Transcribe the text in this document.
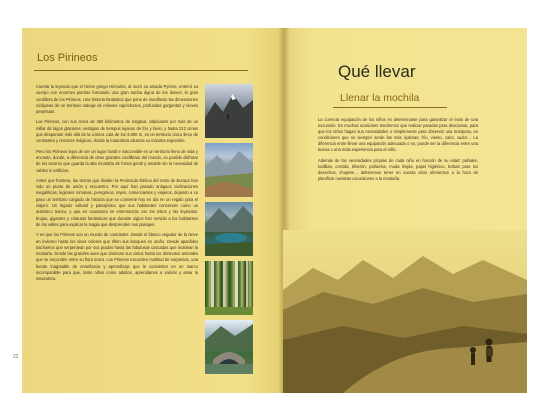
Los Pirineos

Cuenta la leyenda que el héroe griego Hércules, al morir su amada Pyrene, enterró su cuerpo con enormes piedras formando una gran tumba digna de los dioses: la gran cordillera de los Pirineos. Una historia fantástica que pone de manifiesto las dimensiones ciclópeas de un territorio salvaje de relieves caprichosos, profundas gargantas y nieves perpetuas.

Los Pirineos, con sus cerca de 450 kilómetros de longitud, salpicados por más de un millar de lagos glaciares, vestigios de tiempos lejanos de frío y hielo, y hasta 212 cimas que despuntan más allá de la icónica cota de los 3.000 m, es un territorio único lleno de contrastes y rincones mágicos, donde la naturaleza alcanza su máxima expresión.

Pero los Pirineos lejos de ser un lugar hostil e inaccesible es un territorio lleno de vida y encanto, donde, a diferencia de otras grandes cordilleras del mundo, es posible disfrutar de los tesoros que guarda la alta montaña de forma gentil y amable sin la necesidad de cables ni artificios.

Antes que frontera, las tierras que dividen la Península Ibérica del resto de Europa han sido un punto de unión y encuentro. Por aquí han pasado antiguos civilizaciones megalíticas, legiones romanas, peregrinos, reyes, comerciantes y viajeros, dejando a su paso un territorio cargado de historia que se convierte hoy en día en un regalo para el viajero. Un legado cultural y paisajístico que sus habitantes conservan como un auténtico tesoro, y que en ocasiones se entremezcla con los mitos y las leyendas: brujas, gigantes y criaturas fantásticas que durante siglos han servido a los habitantes de los valles para explicar la magia que desprenden sus paisajes.

Y es que los Pirineos son un mundo de contrastes. Desde el blanco cegador de la nieve en invierno hasta los vivos colores que tiñen sus bosques en otoño. Desde apacibles riachuelos que serpentean por sus prados hasta las fabulosas cascadas que moldean la montaña. Desde las grandes aves que dominan sus cielos hasta los diminutos animales que se esconden entre su flora única. Los Pirineos esconden multitud de sorpresas, una fuente inagotable de enseñanza y aprendizaje que le convierten en un marco incomparable para que, tanto niños como adultos, aprendamos a valorar y amar la naturaleza.

22
Qué llevar
Llenar la mochila

La correcta equipación de los niños es determinante para garantizar el éxito de una excursión. En muchas ocasiones tendremos que realizar paradas para descansar, para que los niños hagan sus necesidades o simplemente para observar una mariposa, en condiciones que no siempre serán las más óptimas: frío, viento, calor, sudor… La diferencia entre llevar una equipación adecuada o no, puede ser la diferencia entre una buena o una mala experiencia para el niño.

Además de las necesidades propias de cada niño en función de su edad: pañales, toallitas, comida, biberón, pañuelos, muda limpia, papel higiénico, bolsas para los desechos, chupete… deberemos tener en cuenta otros elementos a la hora de planificar nuestras excursiones a la montaña.
